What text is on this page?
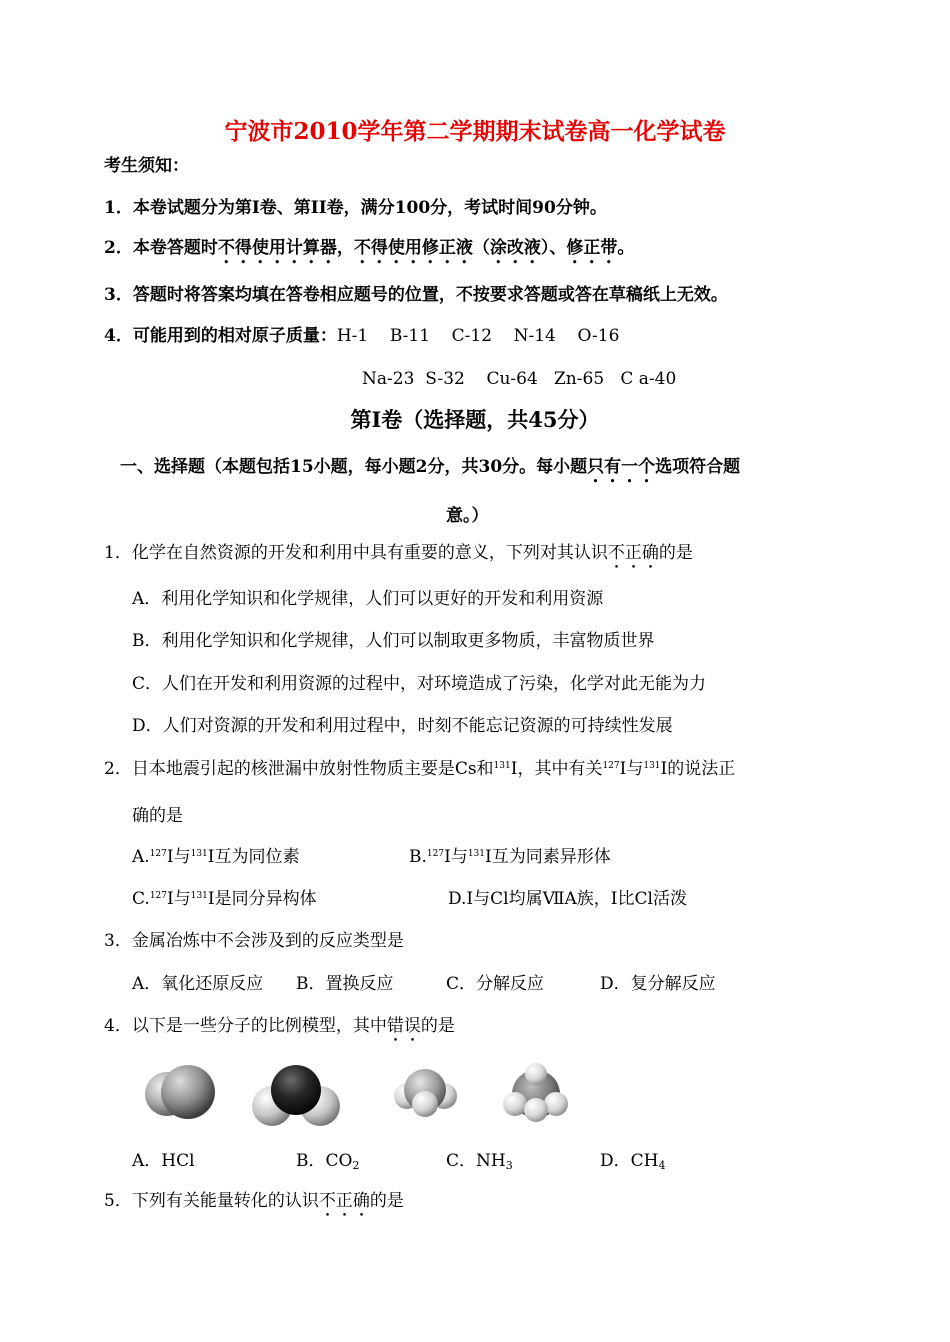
宁波市2010学年第二学期期末试卷高一化学试卷
考生须知：
1．本卷试题分为第I卷、第II卷，满分100分，考试时间90分钟。
2．本卷答题时不得使用计算器，不得使用修正液（涂改液）、修正带。
3．答题时将答案均填在答卷相应题号的位置，不按要求答题或答在草稿纸上无效。
4．可能用到的相对原子质量：H-1    B-11    C-12    N-14    O-16
Na-23  S-32    Cu-64   Zn-65   C a-40
第I卷（选择题，共45分）
一、选择题（本题包括15小题，每小题2分，共30分。每小题只有一个选项符合题
意。）
1．化学在自然资源的开发和利用中具有重要的意义，下列对其认识不正确的是
A．利用化学知识和化学规律，人们可以更好的开发和利用资源
B．利用化学知识和化学规律，人们可以制取更多物质，丰富物质世界
C．人们在开发和利用资源的过程中，对环境造成了污染，化学对此无能为力
D．人们对资源的开发和利用过程中，时刻不能忘记资源的可持续性发展
2．日本地震引起的核泄漏中放射性物质主要是Cs和$^{131}$I，其中有关$^{127}$I与$^{131}$I的说法正
确的是
A.$^{127}$I与$^{131}$I互为同位素	B.$^{127}$I与$^{131}$I互为同素异形体
C.$^{127}$I与$^{131}$I是同分异构体	D.I与Cl均属ⅦA族，I比Cl活泼
3．金属冶炼中不会涉及到的反应类型是
A．氧化还原反应 B．置换反应	C．分解反应	D．复分解反应
4．以下是一些分子的比例模型，其中错误的是
A．HCl	B．$CO_2$	C．$NH_3$	D．$CH_4$
5．下列有关能量转化的认识不正确的是
